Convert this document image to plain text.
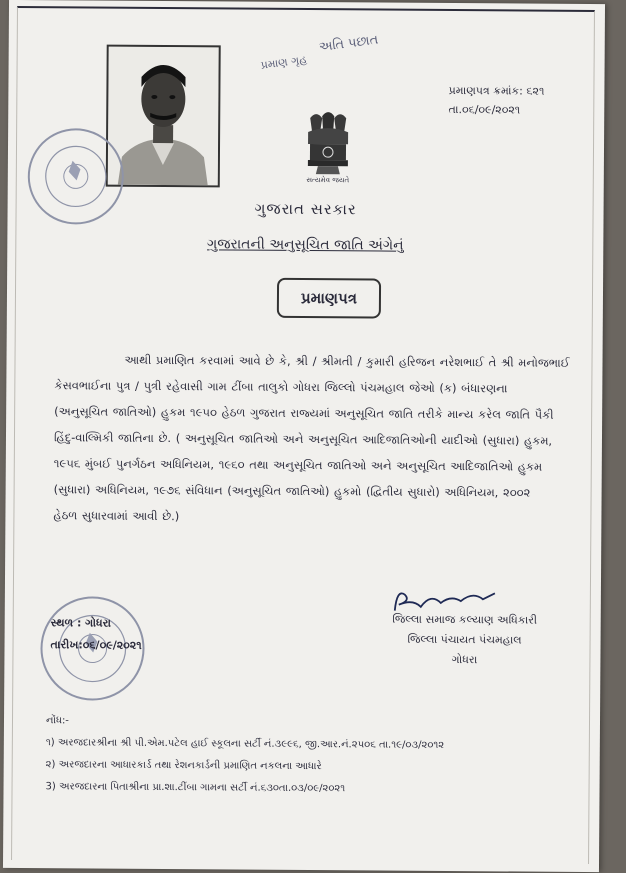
અતિ પછાત
પ્રમાણ ગૃહ
પ્રમાણપત્ર ક્રમાંક: ૬૨૧
તા.૦૬/૦૯/૨૦૨૧
સત્યમેવ જયતે
ગુજરાત સરકાર
ગુજરાતની અનુસૂચિત જાતિ અંગેનું
પ્રમાણપત્ર
આથી પ્રમાણિત કરવામાં આવે છે કે, શ્રી / શ્રીમતી / કુમારી હરિજન નરેશભાઈ તે શ્રી મનોજભાઈ
કેસવભાઈના પુત્ર / પુત્રી રહેવાસી ગામ ટીંબા તાલુકો ગોધરા જિલ્લો પંચમહાલ જેઓ (ક) બંધારણના
(અનુસૂચિત જાતિઓ) હુકમ ૧૯૫૦ હેઠળ ગુજરાત રાજ્યમાં અનુસૂચિત જાતિ તરીકે માન્ય કરેલ જાતિ પૈકી
હિંદુ-વાલ્મિકી જાતિના છે. ( અનુસૂચિત જાતિઓ અને અનુસૂચિત આદિજાતિઓની યાદીઓ (સુધારા) હુકમ,
૧૯૫૬ મુંબઈ પુનર્ગઠન અધિનિયમ, ૧૯૬૦ તથા અનુસૂચિત જાતિઓ અને અનુસૂચિત આદિજાતિઓ હુકમ
(સુધારા) અધિનિયમ, ૧૯૭૬ સંવિધાન (અનુસૂચિત જાતિઓ) હુકમો (દ્વિતીય સુધારો) અધિનિયમ, ૨૦૦૨
હેઠળ સુધારવામાં આવી છે.)
જિલ્લા સમાજ કલ્યાણ અધિકારી
જિલ્લા પંચાયત પંચમહાલ
ગોધરા
સ્થળ : ગોધરા
તારીખ:૦૬/૦૯/૨૦૨૧
નોંધ:-
૧) અરજદારશ્રીના શ્રી પી.એમ.પટેલ હાઈ સ્કૂલના સર્ટી નં.૩૯૯૬, જી.આર.નં.૨૫૦૬ તા.૧૯/૦૩/૨૦૧૨
૨) અરજદારના આધારકાર્ડ તથા રેશનકાર્ડની પ્રમાણિત નકલના આધારે
3) અરજદારના પિતાશ્રીના પ્રા.શા.ટીંબા ગામના સર્ટી નં.૬૩૦તા.૦૩/૦૯/૨૦૨૧
